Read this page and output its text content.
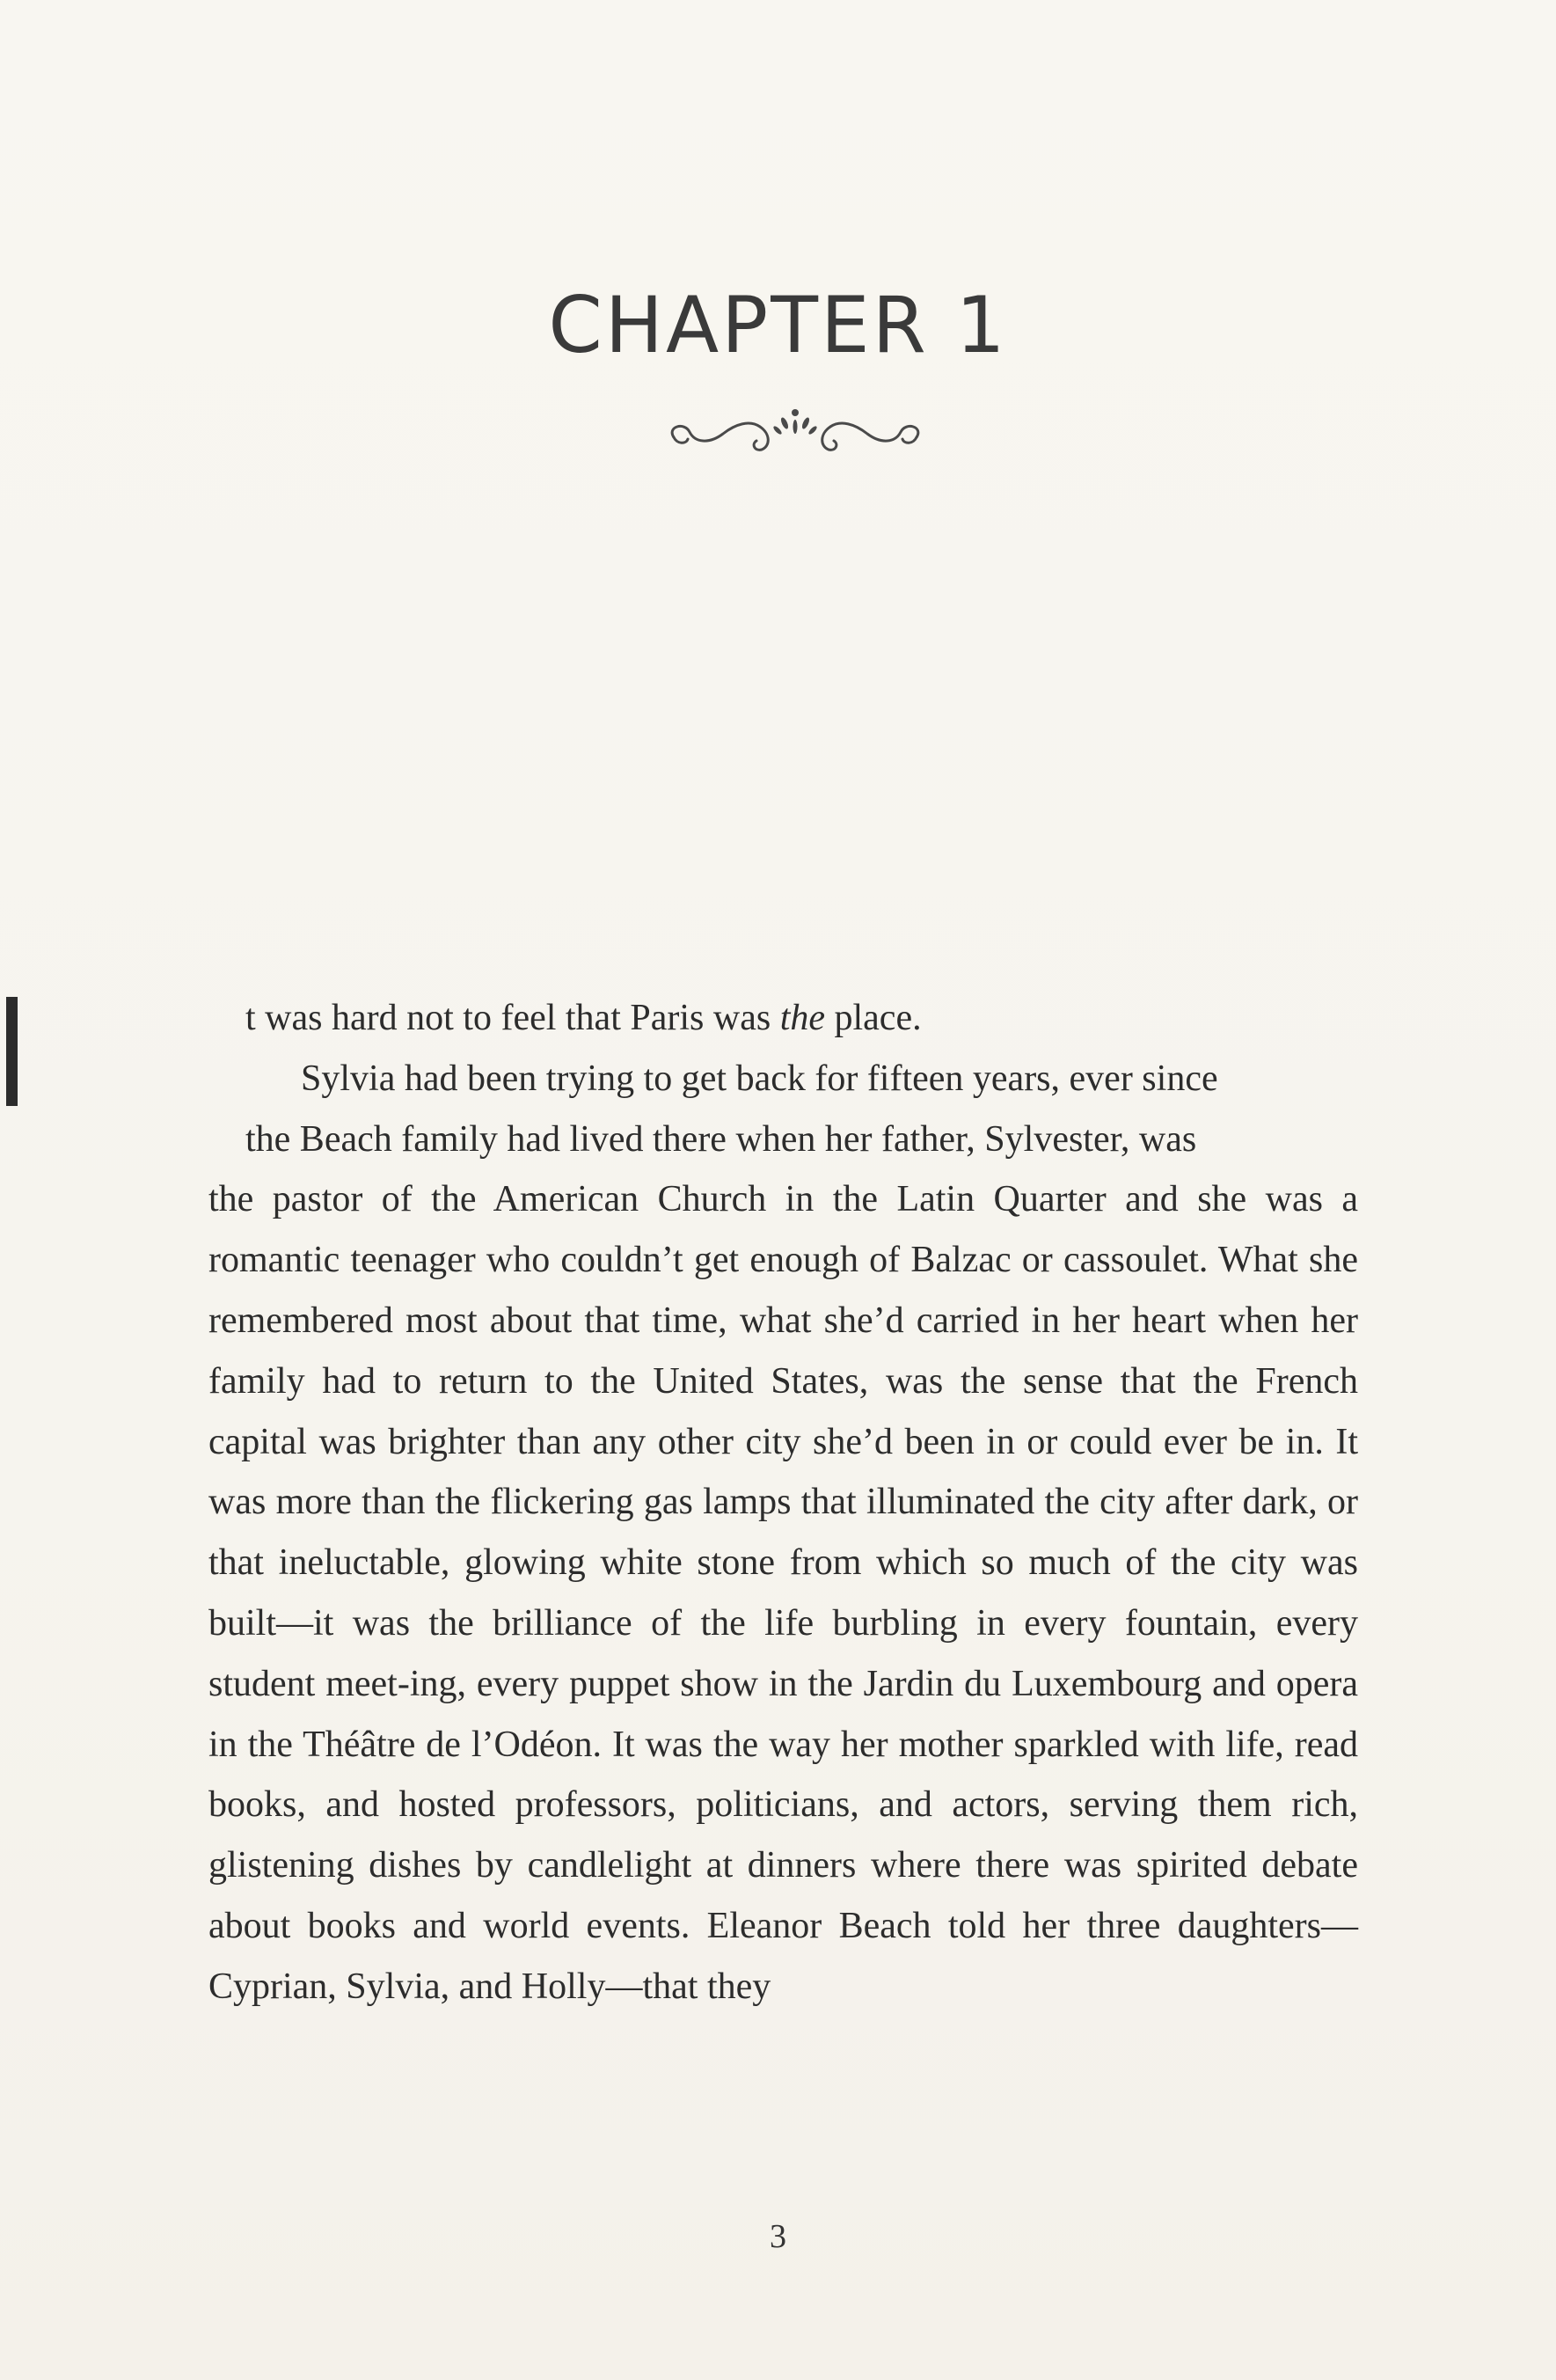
CHAPTER 1

t was hard not to feel that Paris was the place.

Sylvia had been trying to get back for fifteen years, ever since
the Beach family had lived there when her father, Sylvester, was
the pastor of the American Church in the Latin Quarter and she was a romantic teenager who couldn’t get enough of Balzac or cassoulet. What she remembered most about that time, what she’d carried in her heart when her family had to return to the United States, was the sense that the French capital was brighter than any other city she’d been in or could ever be in. It was more than the flickering gas lamps that illuminated the city after dark, or that ineluctable, glowing white stone from which so much of the city was built—it was the brilliance of the life burbling in every fountain, every student meet-ing, every puppet show in the Jardin du Luxembourg and opera in the Théâtre de l’Odéon. It was the way her mother sparkled with life, read books, and hosted professors, politicians, and actors, serving them rich, glistening dishes by candlelight at dinners where there was spirited debate about books and world events. Eleanor Beach told her three daughters—Cyprian, Sylvia, and Holly—that they

3
